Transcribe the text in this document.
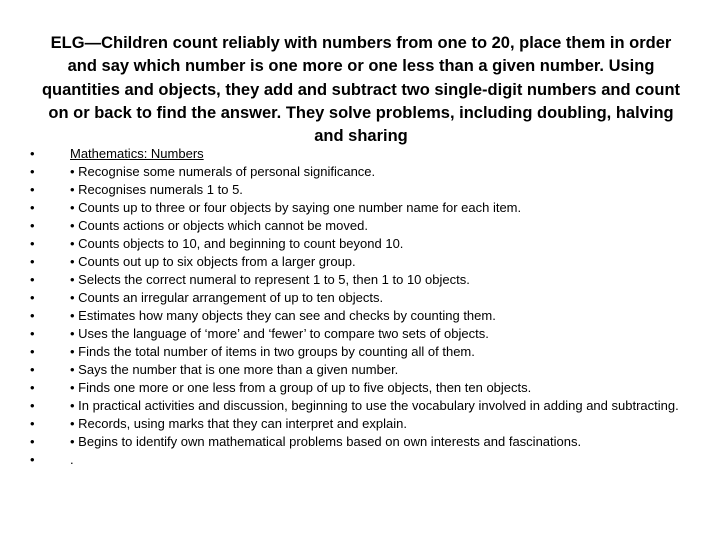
ELG—Children count reliably with numbers from one to 20, place them in order and say which number is one more or one less than a given number. Using quantities and objects, they add and subtract two single-digit numbers and count on or back to find the answer. They solve problems, including doubling, halving and sharing
•	Mathematics: Numbers
•	• Recognise some numerals of personal significance.
•	• Recognises numerals 1 to 5.
•	• Counts up to three or four objects by saying one number name for each item.
•	• Counts actions or objects which cannot be moved.
•	• Counts objects to 10, and beginning to count beyond 10.
•	• Counts out up to six objects from a larger group.
•	• Selects the correct numeral to represent 1 to 5, then 1 to 10 objects.
•	• Counts an irregular arrangement of up to ten objects.
•	• Estimates how many objects they can see and checks by counting them.
•	• Uses the language of ‘more’ and ‘fewer’ to compare two sets of objects.
•	• Finds the total number of items in two groups by counting all of them.
•	• Says the number that is one more than a given number.
•	• Finds one more or one less from a group of up to five objects, then ten objects.
•	• In practical activities and discussion, beginning to use the vocabulary involved in adding and subtracting.
•	• Records, using marks that they can interpret and explain.
•	• Begins to identify own mathematical problems based on own interests and fascinations.
•	.
